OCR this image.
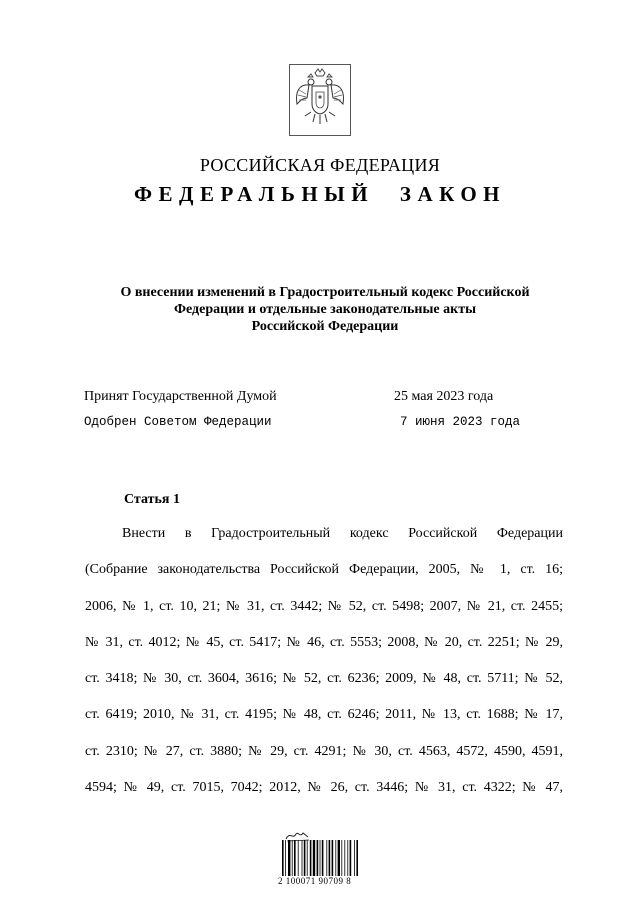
РОССИЙСКАЯ ФЕДЕРАЦИЯ
ФЕДЕРАЛЬНЫЙ ЗАКОН
О внесении изменений в Градостроительный кодекс Российской
Федерации и отдельные законодательные акты
Российской Федерации
Принят Государственной Думой	25 мая 2023 года
Одобрен Советом Федерации	7 июня 2023 года
Статья 1
Внести в Градостроительный кодекс Российской Федерации
(Собрание законодательства Российской Федерации, 2005, № 1, ст. 16;
2006, № 1, ст. 10, 21; № 31, ст. 3442; № 52, ст. 5498; 2007, № 21, ст. 2455;
№ 31, ст. 4012; № 45, ст. 5417; № 46, ст. 5553; 2008, № 20, ст. 2251; № 29,
ст. 3418; № 30, ст. 3604, 3616; № 52, ст. 6236; 2009, № 48, ст. 5711; № 52,
ст. 6419; 2010, № 31, ст. 4195; № 48, ст. 6246; 2011, № 13, ст. 1688; № 17,
ст. 2310; № 27, ст. 3880; № 29, ст. 4291; № 30, ст. 4563, 4572, 4590, 4591,
4594; № 49, ст. 7015, 7042; 2012, № 26, ст. 3446; № 31, ст. 4322; № 47,
2 100071 90709 8
